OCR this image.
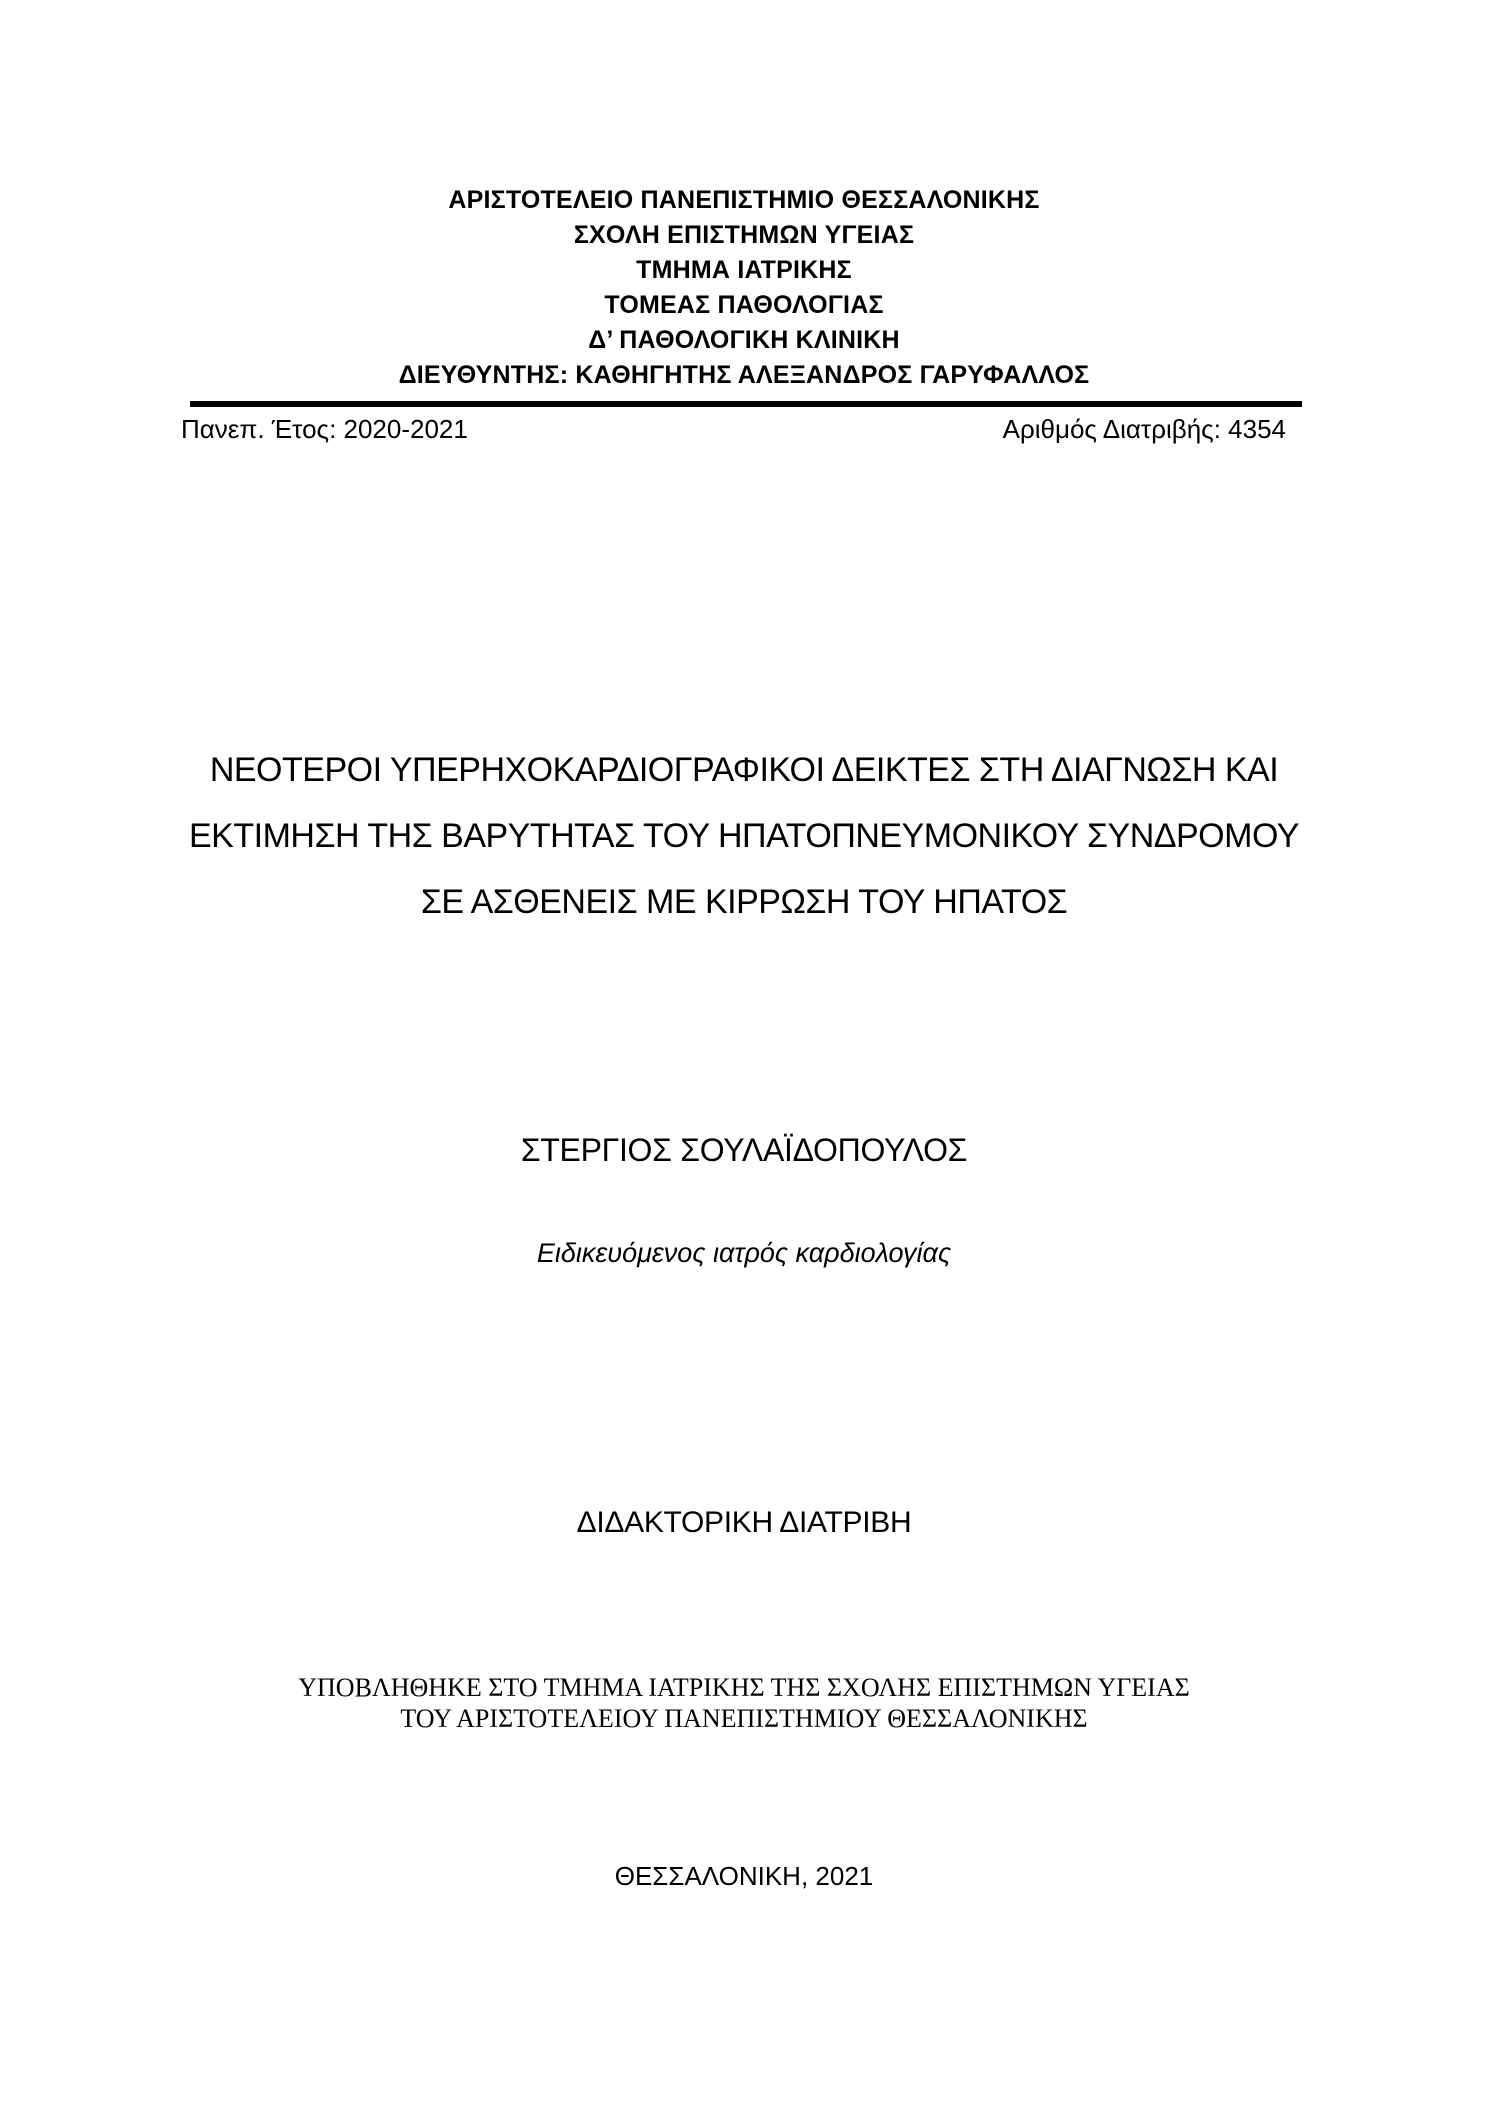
ΑΡΙΣΤΟΤΕΛΕΙΟ ΠΑΝΕΠΙΣΤΗΜΙΟ ΘΕΣΣΑΛΟΝΙΚΗΣ
ΣΧΟΛΗ ΕΠΙΣΤΗΜΩΝ ΥΓΕΙΑΣ
ΤΜΗΜΑ ΙΑΤΡΙΚΗΣ
ΤΟΜΕΑΣ ΠΑΘΟΛΟΓΙΑΣ
Δ’ ΠΑΘΟΛΟΓΙΚΗ ΚΛΙΝΙΚΗ
ΔΙΕΥΘΥΝΤΗΣ: ΚΑΘΗΓΗΤΗΣ ΑΛΕΞΑΝΔΡΟΣ ΓΑΡΥΦΑΛΛΟΣ
Πανεπ. Έτος: 2020-2021	Αριθμός Διατριβής: 4354
ΝΕΟΤΕΡΟΙ ΥΠΕΡΗΧΟΚΑΡΔΙΟΓΡΑΦΙΚΟΙ ΔΕΙΚΤΕΣ ΣΤΗ ΔΙΑΓΝΩΣΗ ΚΑΙ
ΕΚΤΙΜΗΣΗ ΤΗΣ ΒΑΡΥΤΗΤΑΣ ΤΟΥ ΗΠΑΤΟΠΝΕΥΜΟΝΙΚΟΥ ΣΥΝΔΡΟΜΟΥ
ΣΕ ΑΣΘΕΝΕΙΣ ΜΕ ΚΙΡΡΩΣΗ ΤΟΥ ΗΠΑΤΟΣ
ΣΤΕΡΓΙΟΣ ΣΟΥΛΑΪΔΟΠΟΥΛΟΣ
Ειδικευόμενος ιατρός καρδιολογίας
ΔΙΔΑΚΤΟΡΙΚΗ ΔΙΑΤΡΙΒΗ
ΥΠΟΒΛΗΘΗΚΕ ΣΤΟ ΤΜΗΜΑ ΙΑΤΡΙΚΗΣ ΤΗΣ ΣΧΟΛΗΣ ΕΠΙΣΤΗΜΩΝ ΥΓΕΙΑΣ
ΤΟΥ ΑΡΙΣΤΟΤΕΛΕΙΟΥ ΠΑΝΕΠΙΣΤΗΜΙΟΥ ΘΕΣΣΑΛΟΝΙΚΗΣ
ΘΕΣΣΑΛΟΝΙΚΗ, 2021
